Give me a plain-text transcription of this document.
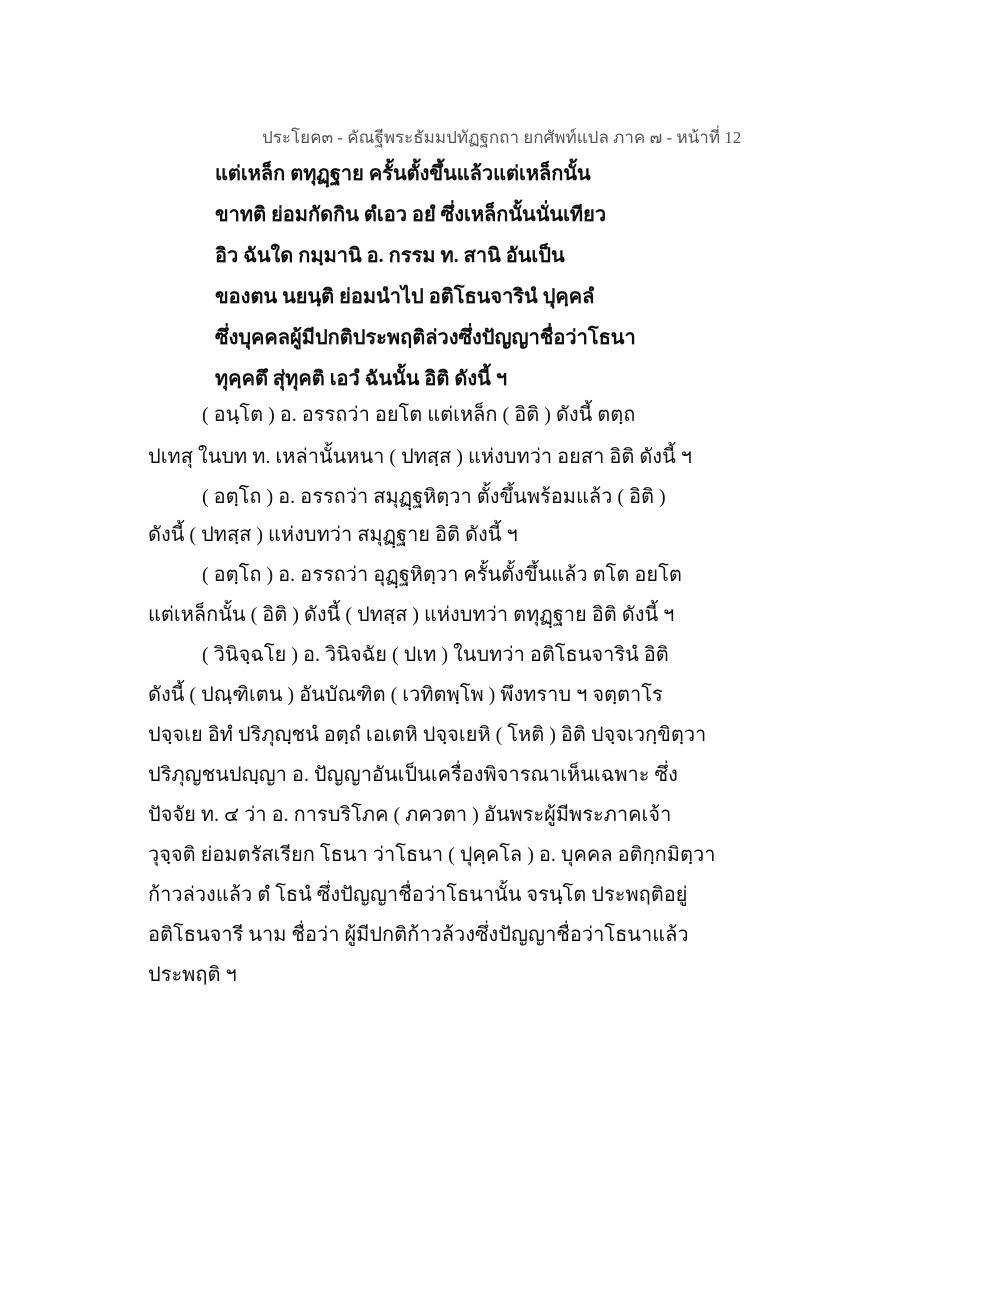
ประโยค๓ - คัณฐีพระธัมมปทัฏฐกถา ยกศัพท์แปล ภาค ๗ - หน้าที่ 12
แต่เหล็ก ตทุฏฺฐาย ครั้นตั้งขึ้นแล้วแต่เหล็กนั้น
ขาทติ ย่อมกัดกิน ตํเอว อยํ ซึ่งเหล็กนั้นนั่นเทียว
อิว ฉันใด กมฺมานิ อ. กรรม ท. สานิ อันเป็น
ของตน นยนฺติ ย่อมนำไป อติโธนจารินํ ปุคฺคลํ
ซึ่งบุคคลผู้มีปกติประพฤติล่วงซึ่งปัญญาชื่อว่าโธนา
ทุคฺคตึ สุ่ทุคติ เอวํ ฉันนั้น อิติ ดังนี้ ฯ
( อนฺโต ) อ. อรรถว่า อยโต แต่เหล็ก ( อิติ ) ดังนี้ ตตฺถ
ปเทสุ ในบท ท. เหล่านั้นหนา ( ปทสฺส ) แห่งบทว่า อยสา อิติ ดังนี้ ฯ
( อตฺโถ ) อ. อรรถว่า สมุฏฺฐหิตฺวา ตั้งขึ้นพร้อมแล้ว ( อิติ )
ดังนี้ ( ปทสฺส ) แห่งบทว่า สมุฏฺฐาย อิติ ดังนี้ ฯ
( อตฺโถ ) อ. อรรถว่า อุฏฺฐหิตฺวา ครั้นตั้งขึ้นแล้ว ตโต อยโต
แต่เหล็กนั้น ( อิติ ) ดังนี้ ( ปทสฺส ) แห่งบทว่า ตทุฏฺฐาย อิติ ดังนี้ ฯ
( วินิจฺฉโย ) อ. วินิจฉัย ( ปเท ) ในบทว่า อติโธนจารินํ อิติ
ดังนี้ ( ปณฺฑิเตน ) อันบัณฑิต ( เวทิตพฺโพ ) พึงทราบ ฯ จตฺตาโร
ปจฺจเย อิทํ ปริภุญฺชนํ อตฺถํ เอเตหิ ปจฺจเยหิ ( โหติ ) อิติ ปจฺจเวกฺขิตฺวา
ปริภุญชนปญฺญา อ. ปัญญาอันเป็นเครื่องพิจารณาเห็นเฉพาะ ซึ่ง
ปัจจัย ท. ๔ ว่า อ. การบริโภค ( ภควตา ) อันพระผู้มีพระภาคเจ้า
วุจฺจติ ย่อมตรัสเรียก โธนา ว่าโธนา ( ปุคฺคโล ) อ. บุคคล อติกฺกมิตฺวา
ก้าวล่วงแล้ว ตํ โธนํ ซึ่งปัญญาชื่อว่าโธนานั้น จรนฺโต ประพฤติอยู่
อติโธนจารี นาม ชื่อว่า ผู้มีปกติก้าวล้วงซึ่งปัญญาชื่อว่าโธนาแล้ว
ประพฤติ ฯ
